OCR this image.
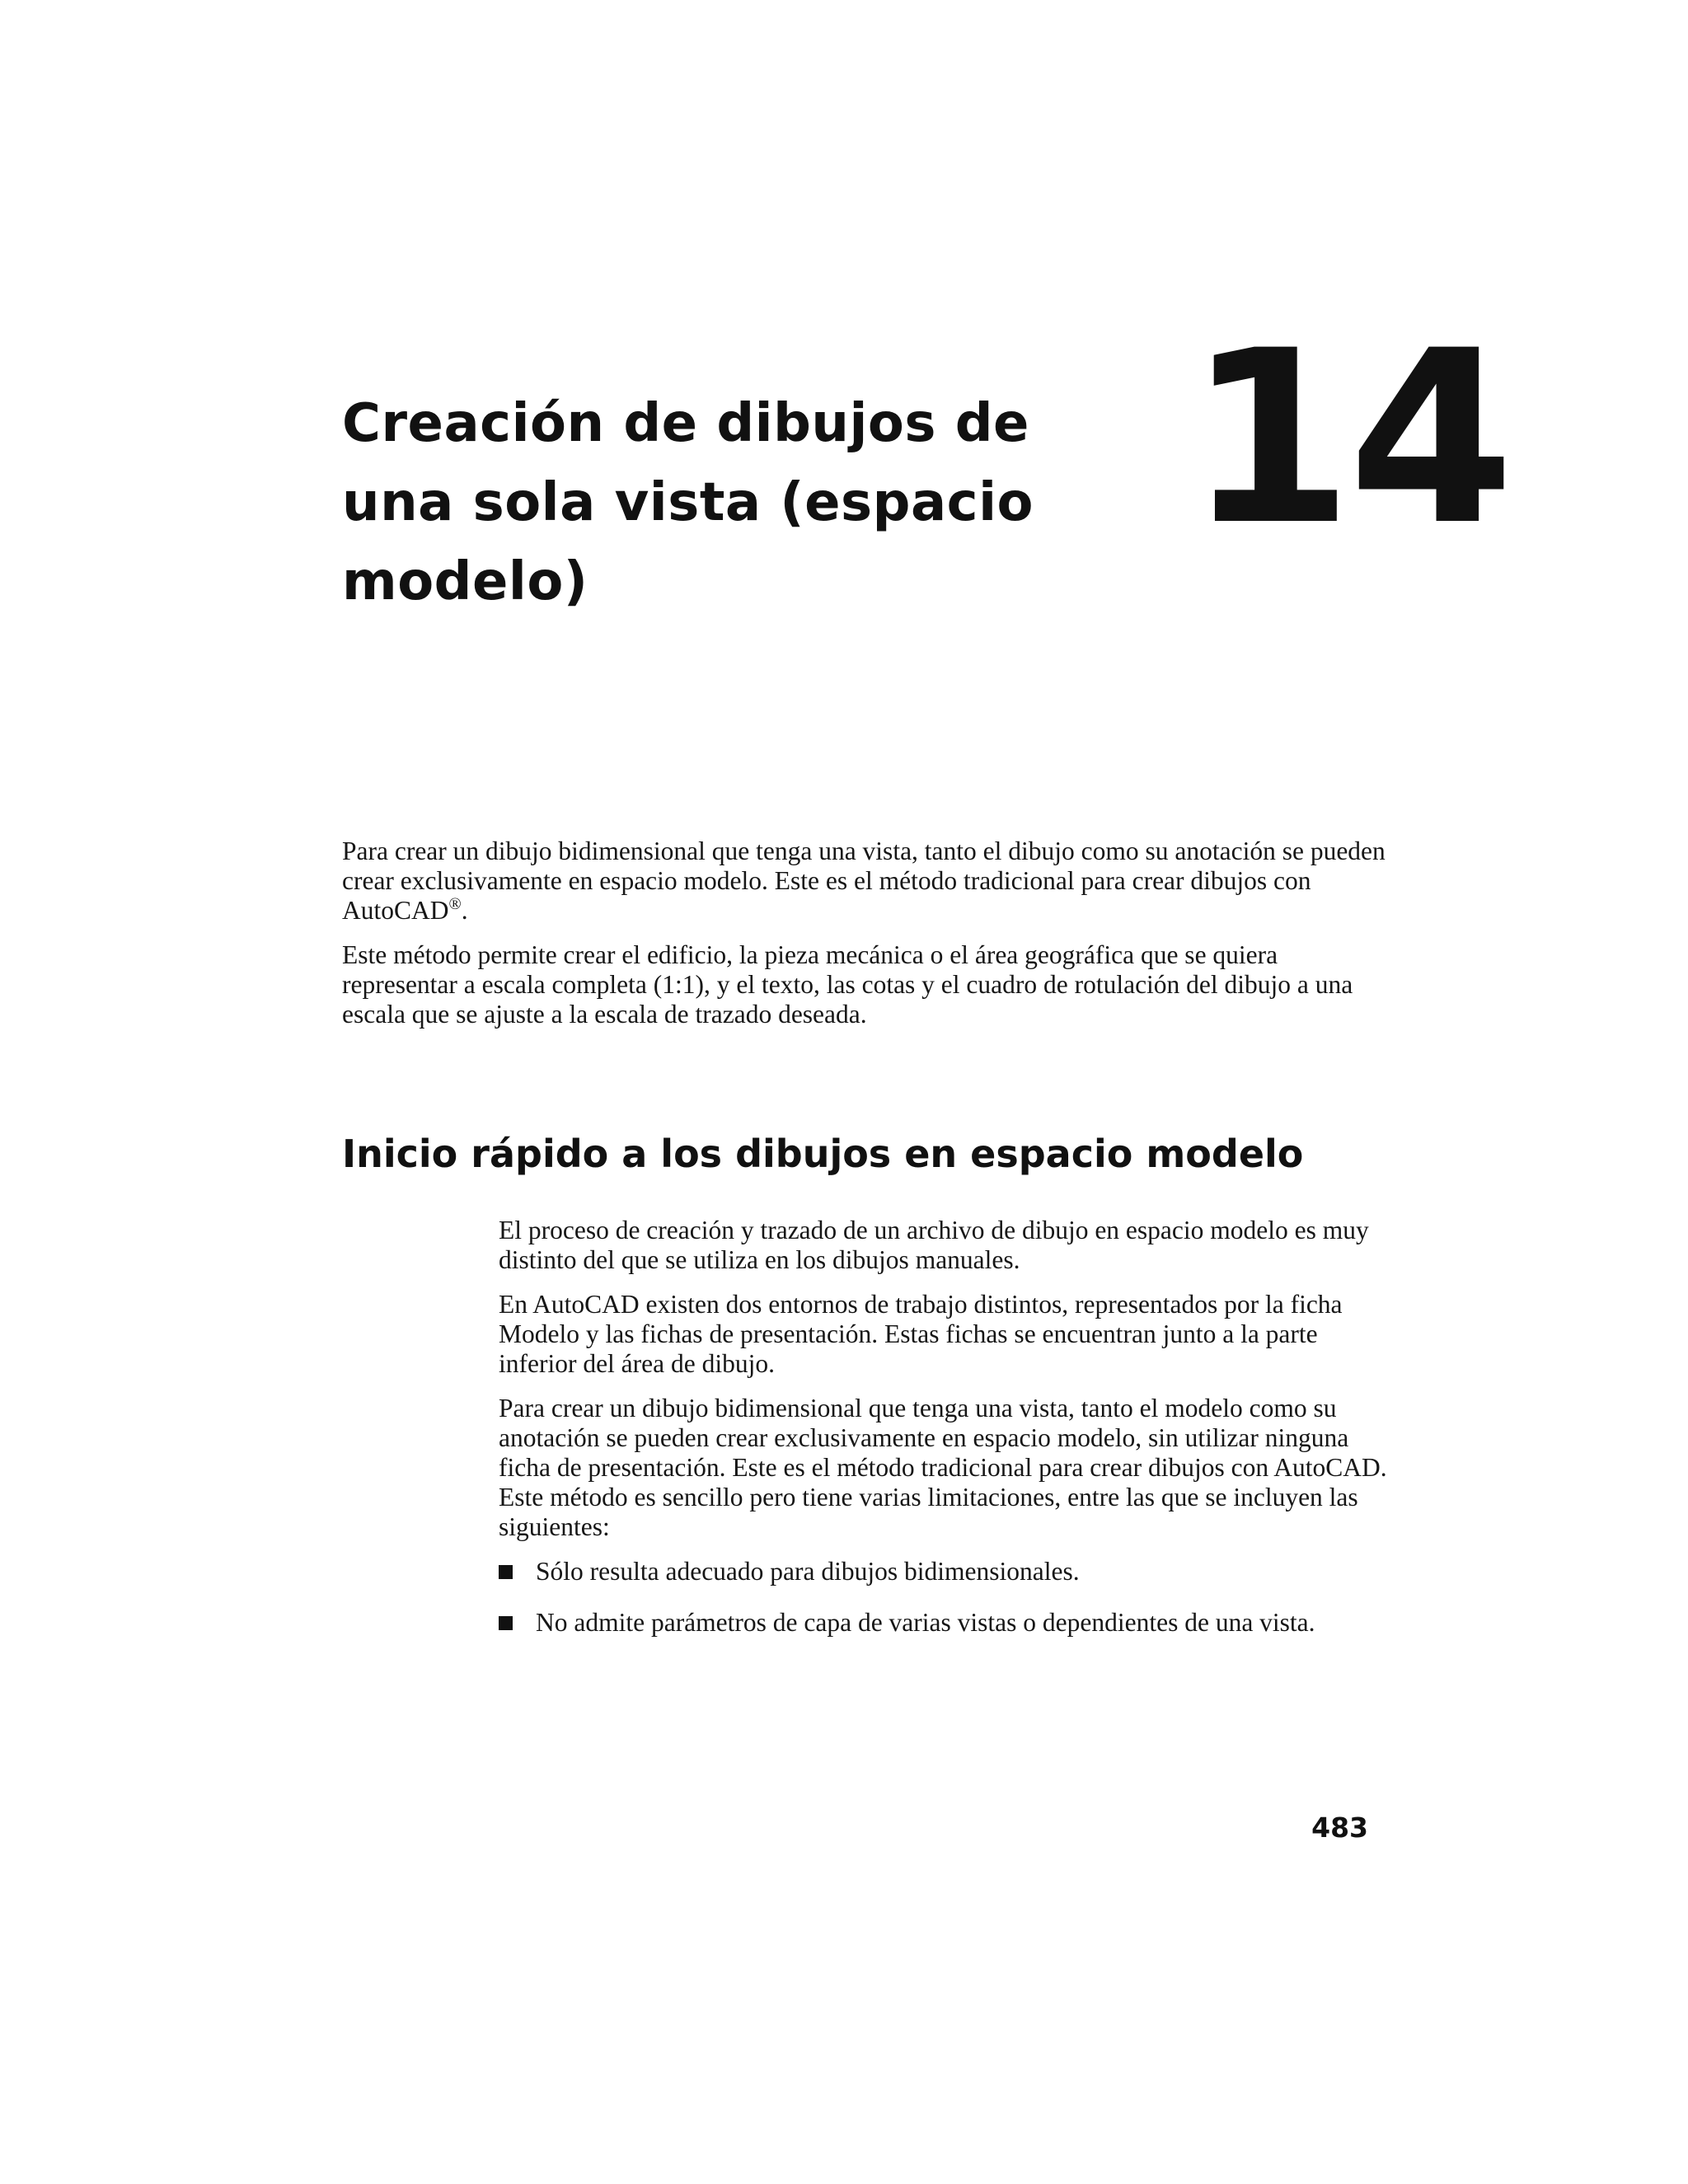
Creación de dibujos de
una sola vista (espacio
modelo)
14

Para crear un dibujo bidimensional que tenga una vista, tanto el dibujo como su anotación se pueden crear exclusivamente en espacio modelo. Este es el método tradicional para crear dibujos con AutoCAD®.

Este método permite crear el edificio, la pieza mecánica o el área geográfica que se quiera representar a escala completa (1:1), y el texto, las cotas y el cuadro de rotulación del dibujo a una escala que se ajuste a la escala de trazado deseada.

Inicio rápido a los dibujos en espacio modelo

El proceso de creación y trazado de un archivo de dibujo en espacio modelo es muy distinto del que se utiliza en los dibujos manuales.

En AutoCAD existen dos entornos de trabajo distintos, representados por la ficha Modelo y las fichas de presentación. Estas fichas se encuentran junto a la parte inferior del área de dibujo.

Para crear un dibujo bidimensional que tenga una vista, tanto el modelo como su anotación se pueden crear exclusivamente en espacio modelo, sin utilizar ninguna ficha de presentación. Este es el método tradicional para crear dibujos con AutoCAD. Este método es sencillo pero tiene varias limitaciones, entre las que se incluyen las siguientes:

Sólo resulta adecuado para dibujos bidimensionales.
No admite parámetros de capa de varias vistas o dependientes de una vista.
483
